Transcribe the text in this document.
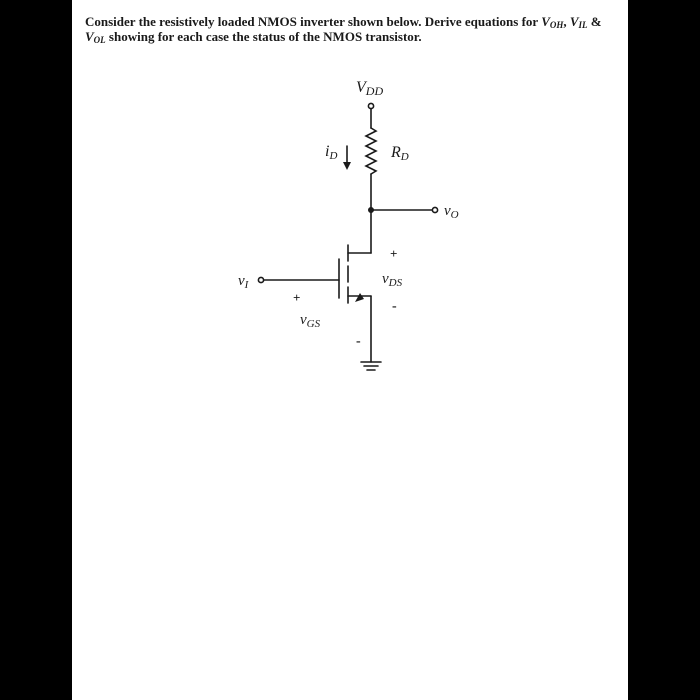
Consider the resistively loaded NMOS inverter shown below. Derive equations for $V_{OH}$, $V_{IL}$ & $V_{OL}$ showing for each case the status of the NMOS transistor.
VDD
iD	RD
$v_O$
$v_I$
$v_{GS}$
$v_{DS}$
+
-
+
-
